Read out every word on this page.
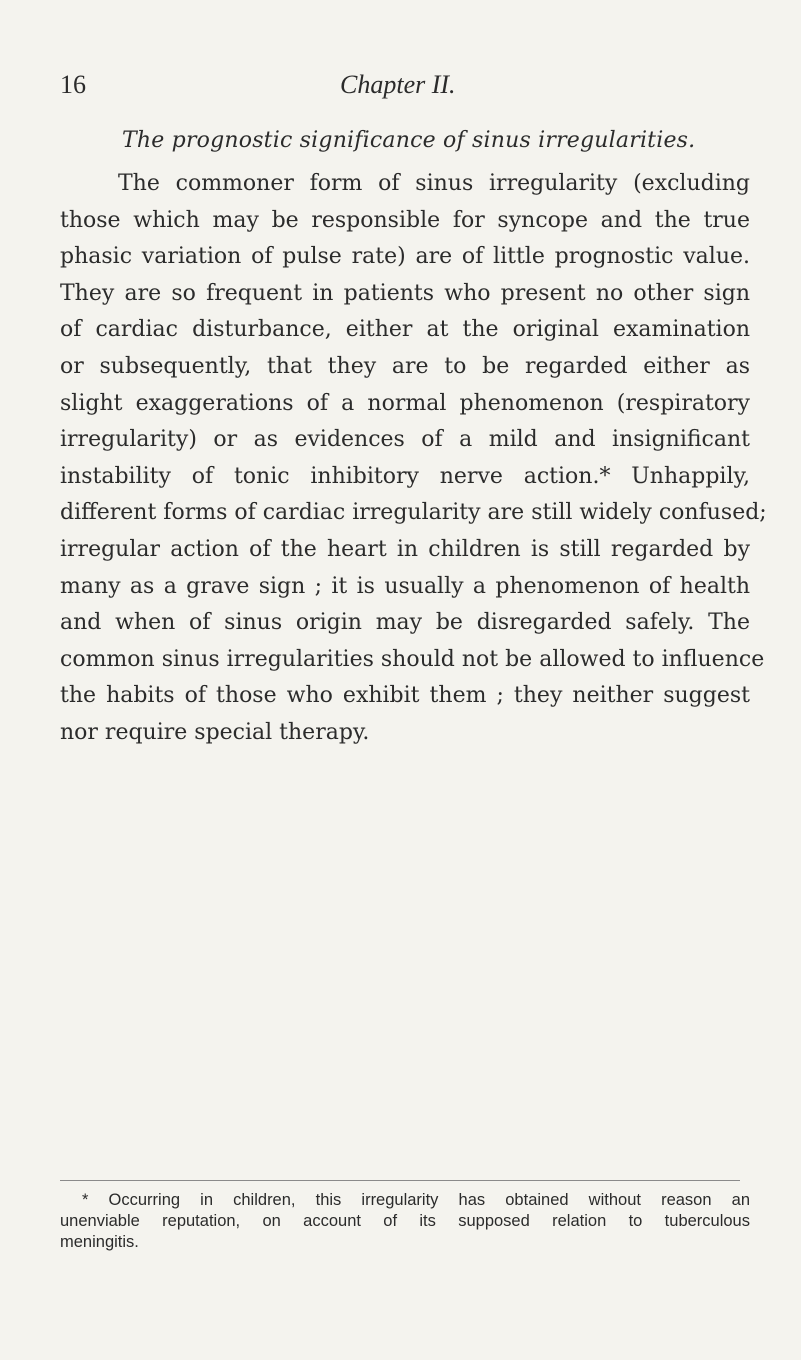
16	Chapter II.
The prognostic significance of sinus irregularities.
The commoner form of sinus irregularity (excluding
those which may be responsible for syncope and the true
phasic variation of pulse rate) are of little prognostic value.
They are so frequent in patients who present no other sign
of cardiac disturbance, either at the original examination
or subsequently, that they are to be regarded either as
slight exaggerations of a normal phenomenon (respiratory
irregularity) or as evidences of a mild and insignificant
instability of tonic inhibitory nerve action.* Unhappily,
different forms of cardiac irregularity are still widely confused;
irregular action of the heart in children is still regarded by
many as a grave sign ; it is usually a phenomenon of health
and when of sinus origin may be disregarded safely. The
common sinus irregularities should not be allowed to influence
the habits of those who exhibit them ; they neither suggest
nor require special therapy.
* Occurring in children, this irregularity has obtained without reason an
unenviable reputation, on account of its supposed relation to tuberculous
meningitis.
